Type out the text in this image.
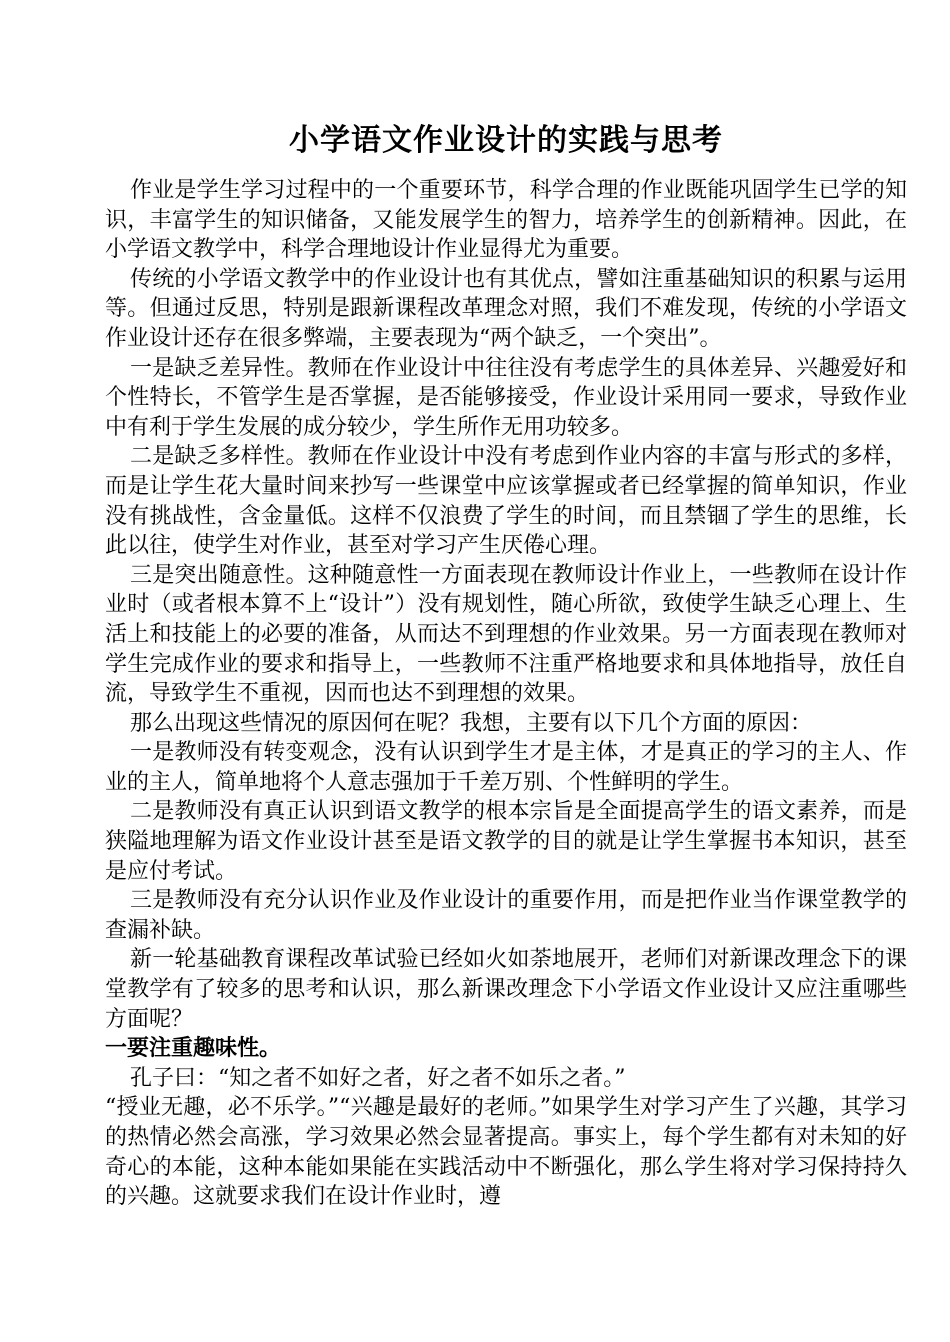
小学语文作业设计的实践与思考

作业是学生学习过程中的一个重要环节，科学合理的作业既能巩固学生已学的知识，丰富学生的知识储备，又能发展学生的智力，培养学生的创新精神。因此，在小学语文教学中，科学合理地设计作业显得尤为重要。

传统的小学语文教学中的作业设计也有其优点，譬如注重基础知识的积累与运用等。但通过反思，特别是跟新课程改革理念对照，我们不难发现，传统的小学语文作业设计还存在很多弊端，主要表现为“两个缺乏，一个突出”。

一是缺乏差异性。教师在作业设计中往往没有考虑学生的具体差异、兴趣爱好和个性特长，不管学生是否掌握，是否能够接受，作业设计采用同一要求，导致作业中有利于学生发展的成分较少，学生所作无用功较多。

二是缺乏多样性。教师在作业设计中没有考虑到作业内容的丰富与形式的多样，而是让学生花大量时间来抄写一些课堂中应该掌握或者已经掌握的简单知识，作业没有挑战性，含金量低。这样不仅浪费了学生的时间，而且禁锢了学生的思维，长此以往，使学生对作业，甚至对学习产生厌倦心理。

三是突出随意性。这种随意性一方面表现在教师设计作业上，一些教师在设计作业时（或者根本算不上“设计”）没有规划性，随心所欲，致使学生缺乏心理上、生活上和技能上的必要的准备，从而达不到理想的作业效果。另一方面表现在教师对学生完成作业的要求和指导上，一些教师不注重严格地要求和具体地指导，放任自流，导致学生不重视，因而也达不到理想的效果。

那么出现这些情况的原因何在呢？我想，主要有以下几个方面的原因：

一是教师没有转变观念，没有认识到学生才是主体，才是真正的学习的主人、作业的主人，简单地将个人意志强加于千差万别、个性鲜明的学生。

二是教师没有真正认识到语文教学的根本宗旨是全面提高学生的语文素养，而是狭隘地理解为语文作业设计甚至是语文教学的目的就是让学生掌握书本知识，甚至是应付考试。

三是教师没有充分认识作业及作业设计的重要作用，而是把作业当作课堂教学的查漏补缺。

新一轮基础教育课程改革试验已经如火如荼地展开，老师们对新课改理念下的课堂教学有了较多的思考和认识，那么新课改理念下小学语文作业设计又应注重哪些方面呢？

一要注重趣味性。

孔子曰：“知之者不如好之者，好之者不如乐之者。”

“授业无趣，必不乐学。”“兴趣是最好的老师。”如果学生对学习产生了兴趣，其学习的热情必然会高涨，学习效果必然会显著提高。事实上，每个学生都有对未知的好奇心的本能，这种本能如果能在实践活动中不断强化，那么学生将对学习保持持久的兴趣。这就要求我们在设计作业时，遵
